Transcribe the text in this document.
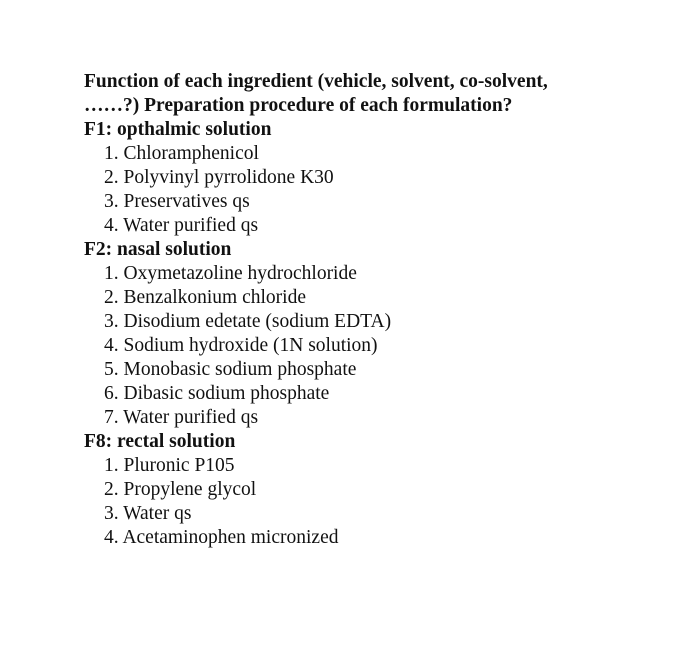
Function of each ingredient (vehicle, solvent, co-solvent,
……?) Preparation procedure of each formulation?
F1: opthalmic solution
1 . Chloramphenicol
2 . Polyvinyl pyrrolidone K30
3 . Preservatives qs
4 . Water purified qs
F2: nasal solution
1 . Oxymetazoline hydrochloride
2 . Benzalkonium chloride
3 . Disodium edetate (sodium EDTA)
4 . Sodium hydroxide (1N solution)
5 . Monobasic sodium phosphate
6 . Dibasic sodium phosphate
7 . Water purified qs
F8: rectal solution
1 . Pluronic P105
2 . Propylene glycol
3 . Water qs
4 . Acetaminophen micronized
